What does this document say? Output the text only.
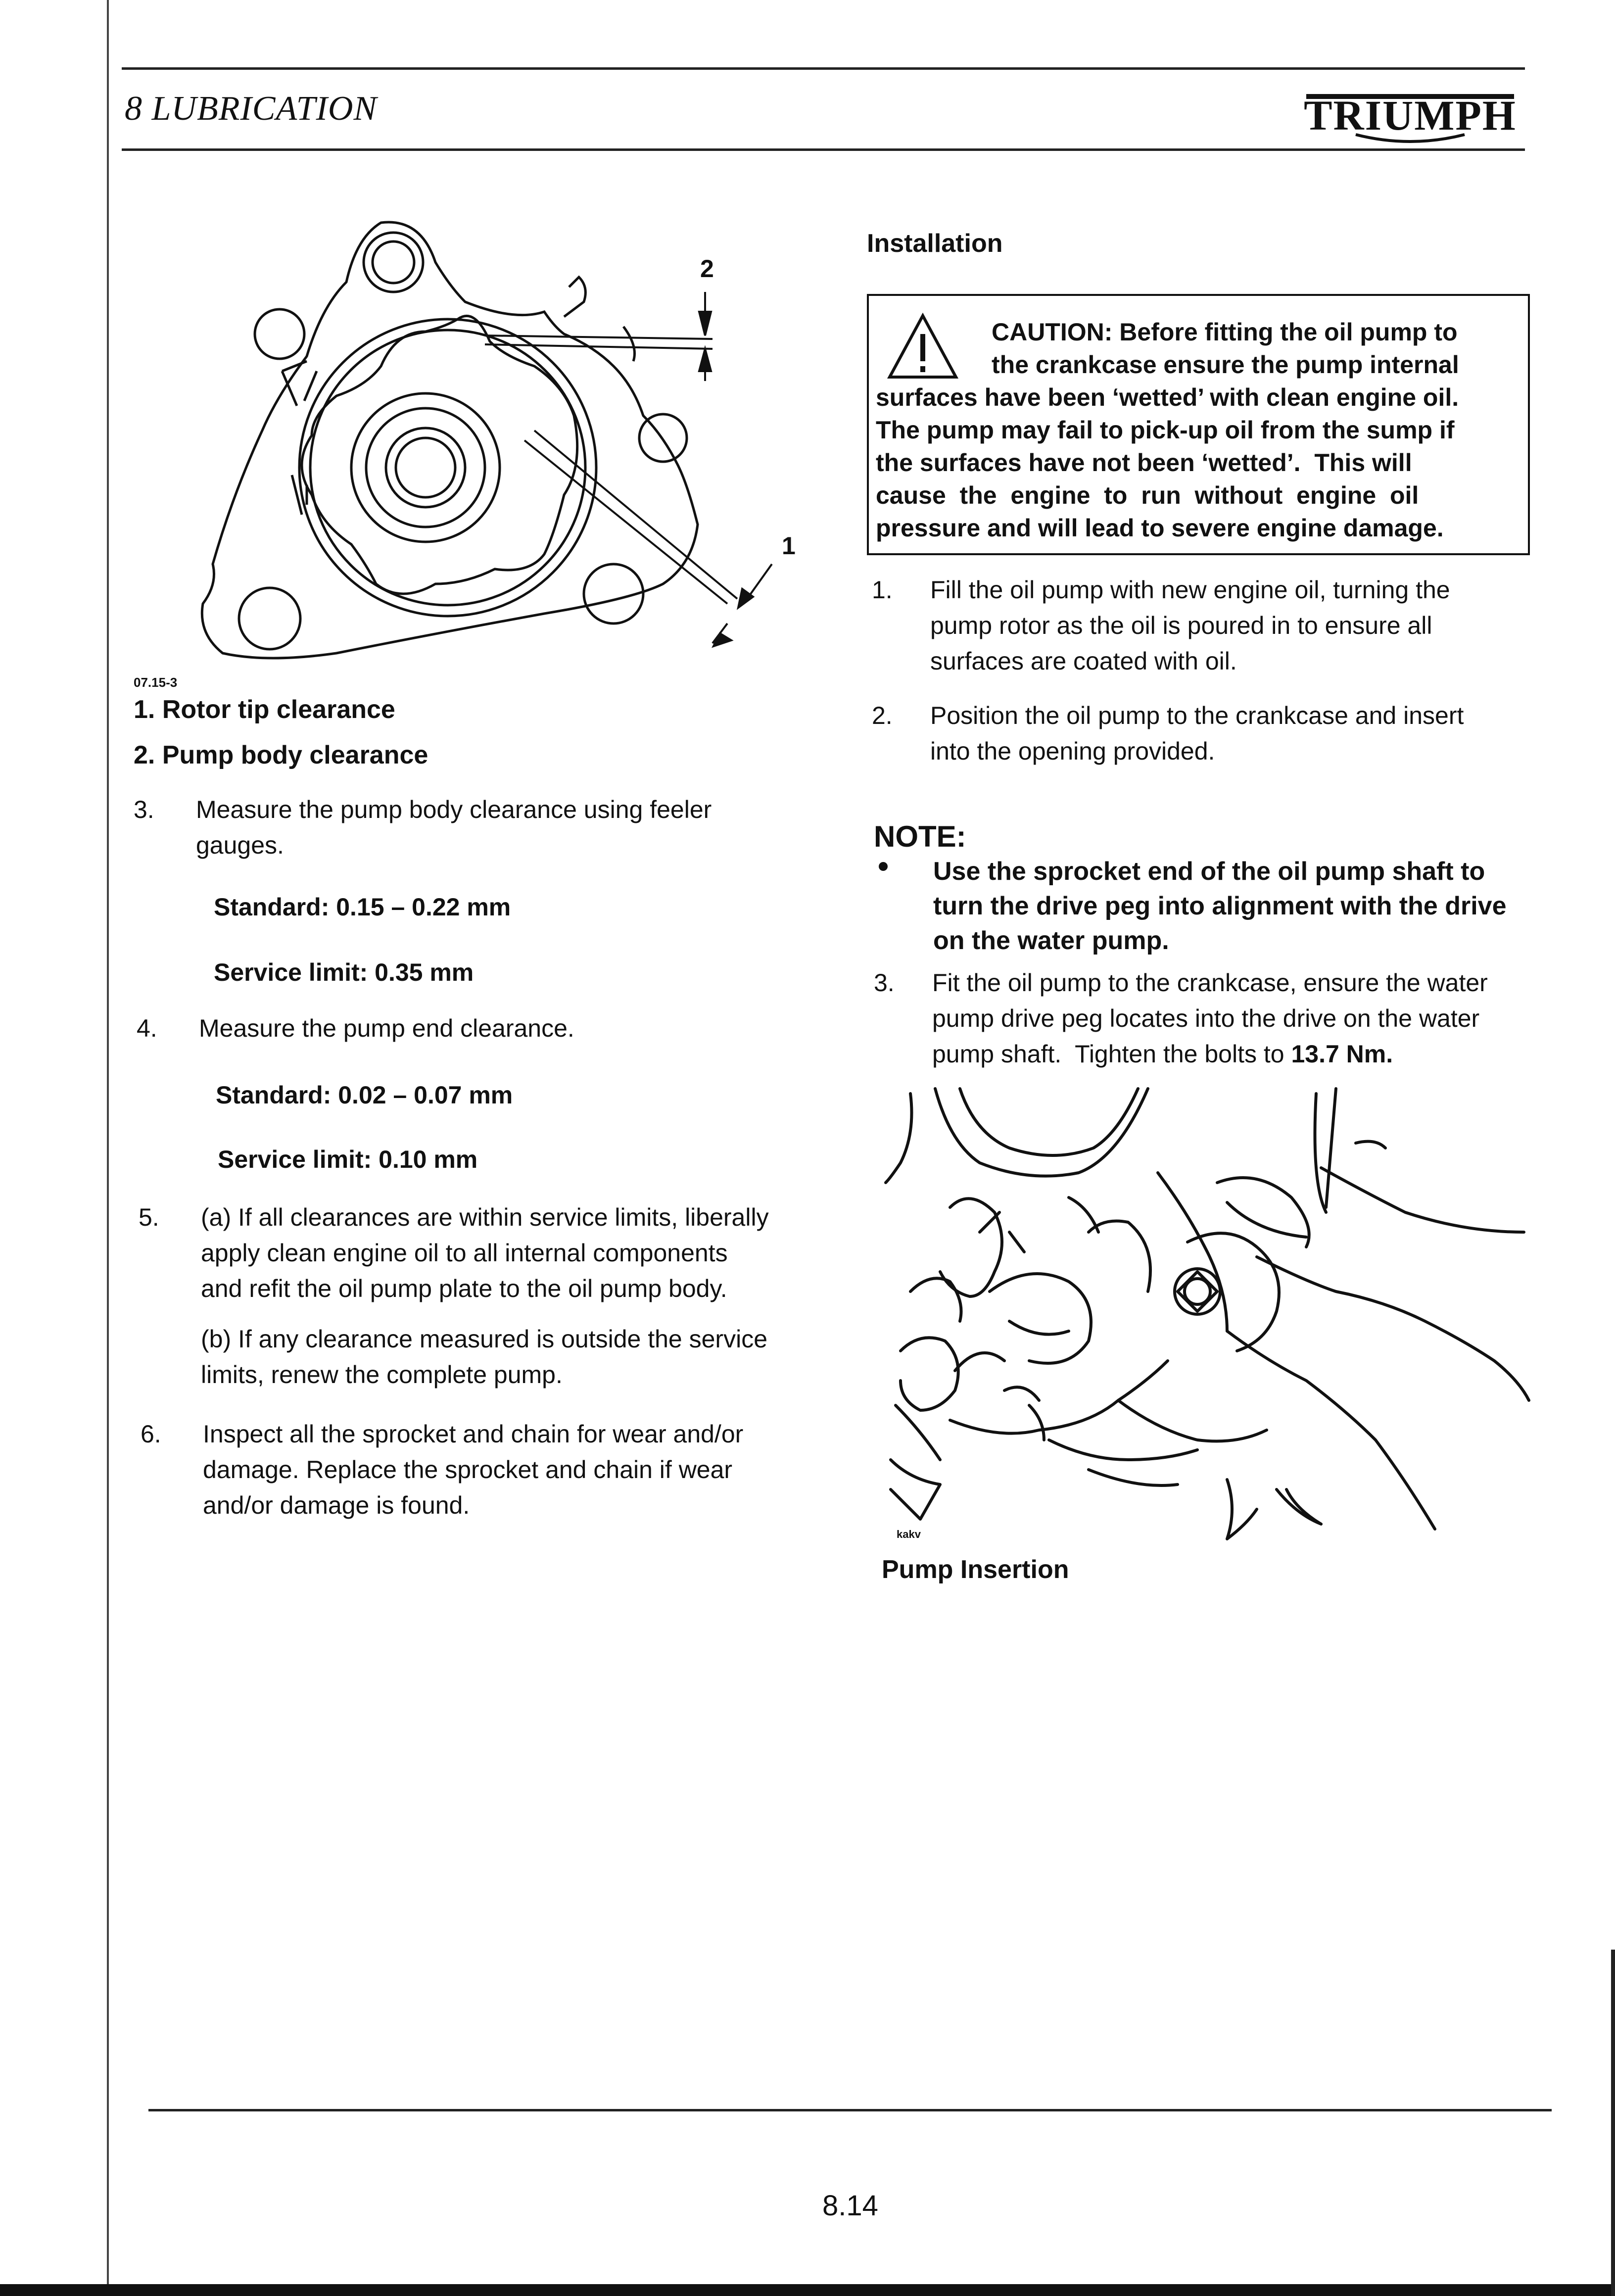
8 LUBRICATION	TRIUMPH
2
1
07.15-3
1. Rotor tip clearance
2. Pump body clearance
3. Measure the pump body clearance using feeler
gauges.
Standard: 0.15 – 0.22 mm
Service limit: 0.35 mm
4. Measure the pump end clearance.
Standard: 0.02 – 0.07 mm
Service limit: 0.10 mm
5. (a) If all clearances are within service limits, liberally
apply clean engine oil to all internal components
and refit the oil pump plate to the oil pump body.
(b) If any clearance measured is outside the service
limits, renew the complete pump.
6. Inspect all the sprocket and chain for wear and/or
damage. Replace the sprocket and chain if wear
and/or damage is found.
Installation
CAUTION: Before fitting the oil pump to
the crankcase ensure the pump internal
surfaces have been ‘wetted’ with clean engine oil.
The pump may fail to pick-up oil from the sump if
the surfaces have not been ‘wetted’.  This will
cause  the  engine  to  run  without  engine  oil
pressure and will lead to severe engine damage.
1. Fill the oil pump with new engine oil, turning the
pump rotor as the oil is poured in to ensure all
surfaces are coated with oil.
2. Position the oil pump to the crankcase and insert
into the opening provided.
NOTE:
Use the sprocket end of the oil pump shaft to
turn the drive peg into alignment with the drive
on the water pump.
3. Fit the oil pump to the crankcase, ensure the water
pump drive peg locates into the drive on the water
pump shaft.  Tighten the bolts to 13.7 Nm.
kakv
Pump Insertion
8.14
